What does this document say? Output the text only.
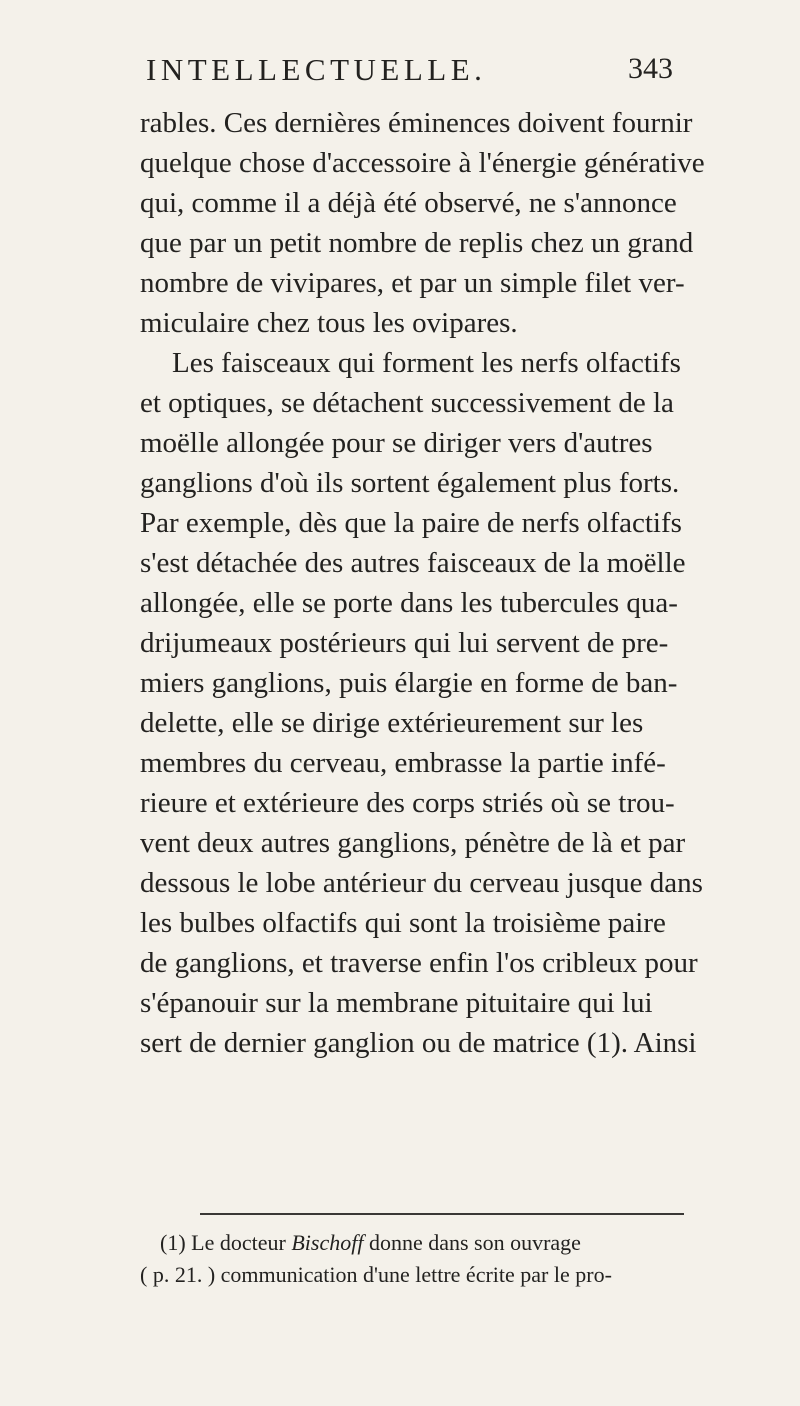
INTELLECTUELLE.	343
rables. Ces dernières éminences doivent fournir
quelque chose d'accessoire à l'énergie générative
qui, comme il a déjà été observé, ne s'annonce
que par un petit nombre de replis chez un grand
nombre de vivipares, et par un simple filet ver-
miculaire chez tous les ovipares.
Les faisceaux qui forment les nerfs olfactifs
et optiques, se détachent successivement de la
moëlle allongée pour se diriger vers d'autres
ganglions d'où ils sortent également plus forts.
Par exemple, dès que la paire de nerfs olfactifs
s'est détachée des autres faisceaux de la moëlle
allongée, elle se porte dans les tubercules qua-
drijumeaux postérieurs qui lui servent de pre-
miers ganglions, puis élargie en forme de ban-
delette, elle se dirige extérieurement sur les
membres du cerveau, embrasse la partie infé-
rieure et extérieure des corps striés où se trou-
vent deux autres ganglions, pénètre de là et par
dessous le lobe antérieur du cerveau jusque dans
les bulbes olfactifs qui sont la troisième paire
de ganglions, et traverse enfin l'os cribleux pour
s'épanouir sur la membrane pituitaire qui lui
sert de dernier ganglion ou de matrice (1). Ainsi
(1) Le docteur Bischoff donne dans son ouvrage
( p. 21. ) communication d'une lettre écrite par le pro-
